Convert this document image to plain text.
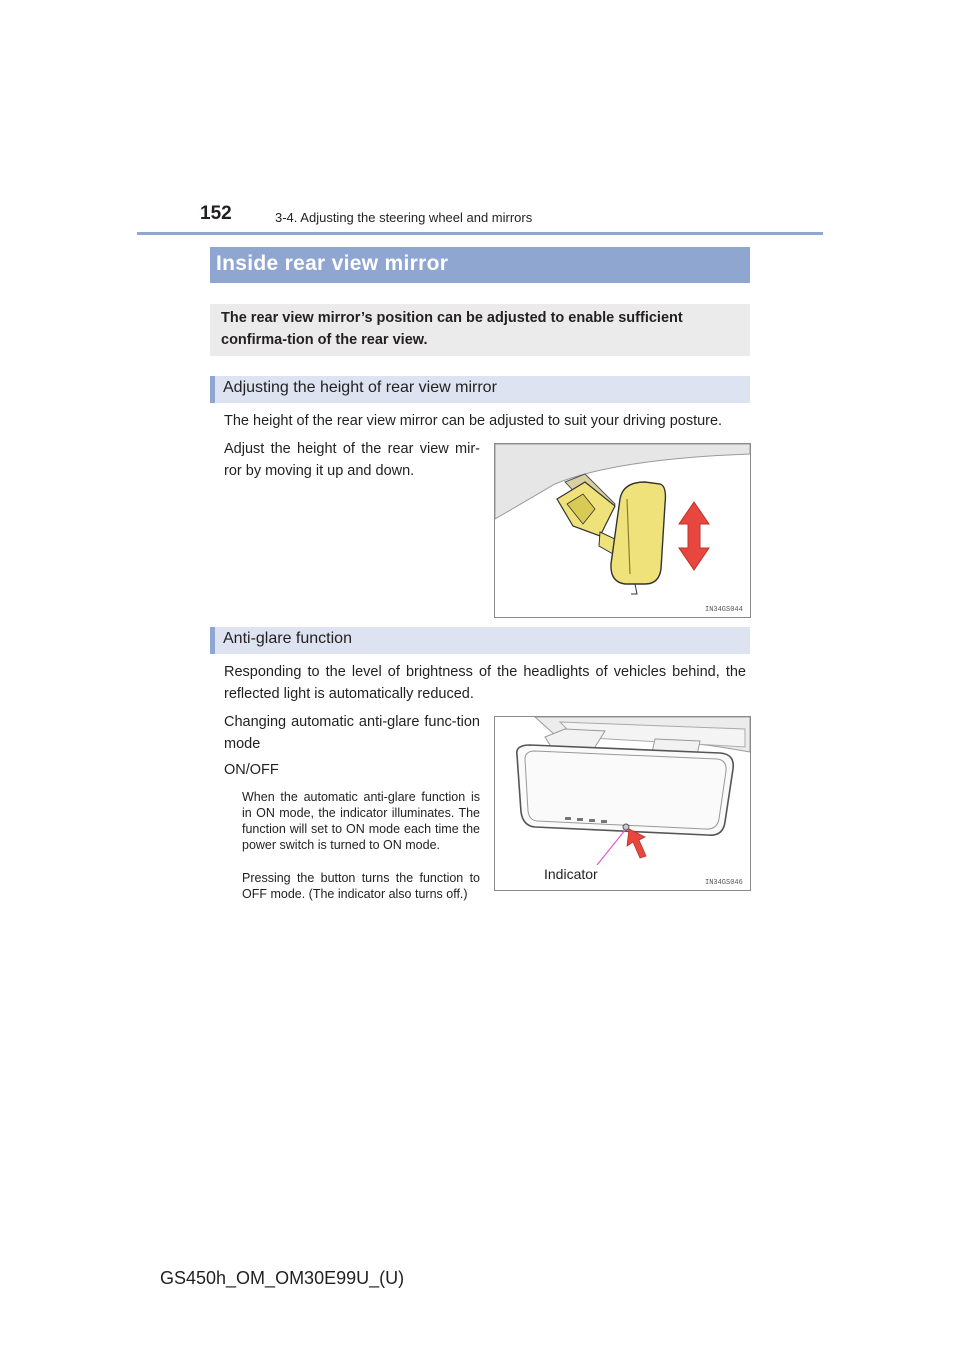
152	3-4. Adjusting the steering wheel and mirrors
Inside rear view mirror

The rear view mirror’s position can be adjusted to enable sufficient confirma-tion of the rear view.

Adjusting the height of rear view mirror

The height of the rear view mirror can be adjusted to suit your driving posture.

Adjust the height of the rear view mir-ror by moving it up and down.

IN34GS044
Anti-glare function

Responding to the level of brightness of the headlights of vehicles behind, the reflected light is automatically reduced.

Changing automatic anti-glare func-tion mode

ON/OFF

When the automatic anti-glare function is in ON mode, the indicator illuminates. The function will set to ON mode each time the power switch is turned to ON mode.

Pressing the button turns the function to OFF mode. (The indicator also turns off.)

Indicator
IN34GS046
GS450h_OM_OM30E99U_(U)
